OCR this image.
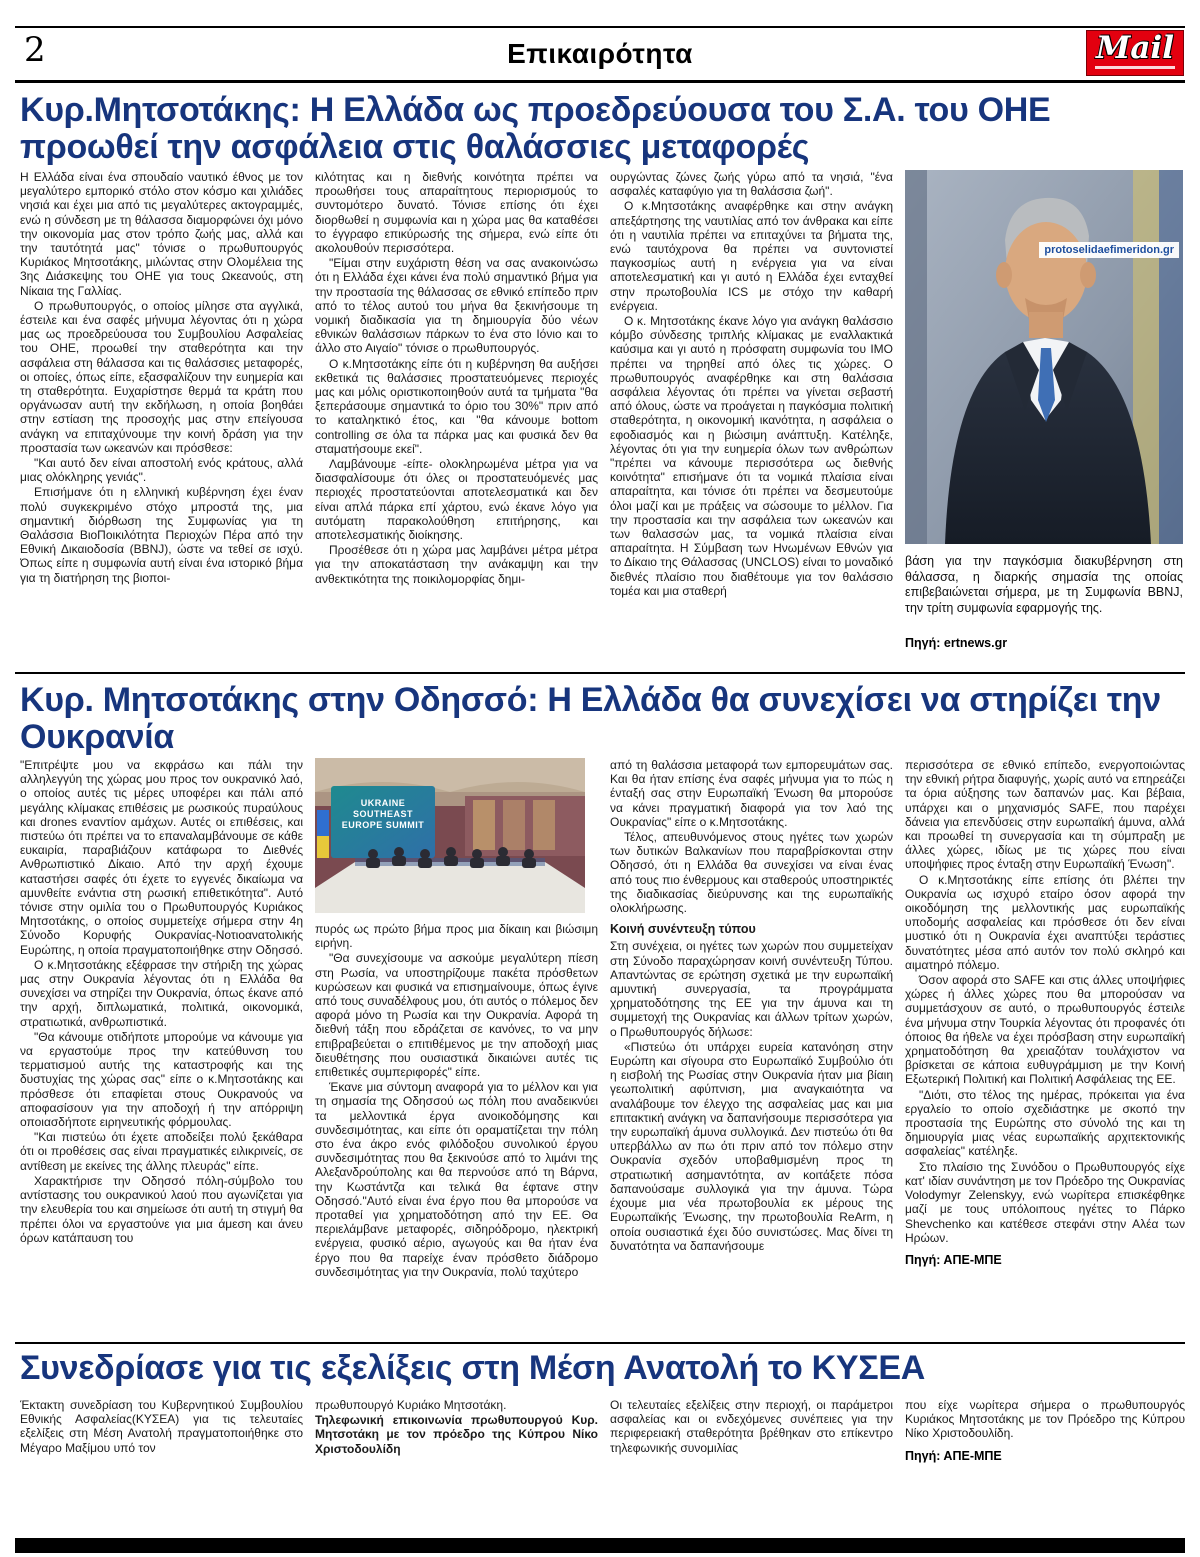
2	Επικαιρότητα	Mail
Κυρ.Μητσοτάκης: Η Ελλάδα ως προεδρεύουσα του Σ.Α. του ΟΗΕ προωθεί την ασφάλεια στις θαλάσσιες μεταφορές

Η Ελλάδα είναι ένα σπουδαίο ναυτικό έθνος με τον μεγαλύτερο εμπορικό στόλο στον κόσμο και χιλιάδες νησιά και έχει μια από τις μεγαλύτερες ακτογραμμές, ενώ η σύνδεση με τη θάλασσα διαμορφώνει όχι μόνο την οικονομία μας στον τρόπο ζωής μας, αλλά και την ταυτότητά μας" τόνισε ο πρωθυπουργός Κυριάκος Μητσοτάκης, μιλώντας στην Ολομέλεια της 3ης Διάσκεψης του ΟΗΕ για τους Ωκεανούς, στη Νίκαια της Γαλλίας.

Ο πρωθυπουργός, ο οποίος μίλησε στα αγγλικά, έστειλε και ένα σαφές μήνυμα λέγοντας ότι η χώρα μας ως προεδρεύουσα του Συμβουλίου Ασφαλείας του ΟΗΕ, προωθεί την σταθερότητα και την ασφάλεια στη θάλασσα και τις θαλάσσιες μεταφορές, οι οποίες, όπως είπε, εξασφαλίζουν την ευημερία και τη σταθερότητα. Ευχαρίστησε θερμά τα κράτη που οργάνωσαν αυτή την εκδήλωση, η οποία βοηθάει στην εστίαση της προσοχής μας στην επείγουσα ανάγκη να επιταχύνουμε την κοινή δράση για την προστασία των ωκεανών και πρόσθεσε:

"Και αυτό δεν είναι αποστολή ενός κράτους, αλλά μιας ολόκληρης γενιάς".

Επισήμανε ότι η ελληνική κυβέρνηση έχει έναν πολύ συγκεκριμένο στόχο μπροστά της, μια σημαντική διόρθωση της Συμφωνίας για τη Θαλάσσια ΒιοΠοικιλότητα Περιοχών Πέρα από την Εθνική Δικαιοδοσία (ΒΒΝJ), ώστε να τεθεί σε ισχύ. Όπως είπε η συμφωνία αυτή είναι ένα ιστορικό βήμα για τη διατήρηση της βιοποι-

κιλότητας και η διεθνής κοινότητα πρέπει να προωθήσει τους απαραίτητους περιορισμούς το συντομότερο δυνατό. Τόνισε επίσης ότι έχει διορθωθεί η συμφωνία και η χώρα μας θα καταθέσει το έγγραφο επικύρωσής της σήμερα, ενώ είπε ότι ακολουθούν περισσότερα.

"Είμαι στην ευχάριστη θέση να σας ανακοινώσω ότι η Ελλάδα έχει κάνει ένα πολύ σημαντικό βήμα για την προστασία της θάλασσας σε εθνικό επίπεδο πριν από το τέλος αυτού του μήνα θα ξεκινήσουμε τη νομική διαδικασία για τη δημιουργία δύο νέων εθνικών θαλάσσιων πάρκων το ένα στο Ιόνιο και το άλλο στο Αιγαίο" τόνισε ο πρωθυπουργός.

Ο κ.Μητσοτάκης είπε ότι η κυβέρνηση θα αυξήσει εκθετικά τις θαλάσσιες προστατευόμενες περιοχές μας και μόλις οριστικοποιηθούν αυτά τα τμήματα "θα ξεπεράσουμε σημαντικά το όριο του 30%" πριν από το καταληκτικό έτος, και "θα κάνουμε bottom controlling σε όλα τα πάρκα μας και φυσικά δεν θα σταματήσουμε εκεί".

Λαμβάνουμε -είπε- ολοκληρωμένα μέτρα για να διασφαλίσουμε ότι όλες οι προστατευόμενές μας περιοχές προστατεύονται αποτελεσματικά και δεν είναι απλά πάρκα επί χάρτου, ενώ έκανε λόγο για αυτόματη παρακολούθηση επιτήρησης, και αποτελεσματικής διοίκησης.

Προσέθεσε ότι η χώρα μας λαμβάνει μέτρα μέτρα για την αποκατάσταση την ανάκαμψη και την ανθεκτικότητα της ποικιλομορφίας δημι-

ουργώντας ζώνες ζωής γύρω από τα νησιά, "ένα ασφαλές καταφύγιο για τη θαλάσσια ζωή".

Ο κ.Μητσοτάκης αναφέρθηκε και στην ανάγκη απεξάρτησης της ναυτιλίας από τον άνθρακα και είπε ότι η ναυτιλία πρέπει να επιταχύνει τα βήματα της, ενώ ταυτόχρονα θα πρέπει να συντονιστεί παγκοσμίως αυτή η ενέργεια για να είναι αποτελεσματική και γι αυτό η Ελλάδα έχει ενταχθεί στην πρωτοβουλία ICS με στόχο την καθαρή ενέργεια.

Ο κ. Μητσοτάκης έκανε λόγο για ανάγκη θαλάσσιο κόμβο σύνδεσης τριπλής κλίμακας με εναλλακτικά καύσιμα και γι αυτό η πρόσφατη συμφωνία του ΙΜΟ πρέπει να τηρηθεί από όλες τις χώρες. Ο πρωθυπουργός αναφέρθηκε και στη θαλάσσια ασφάλεια λέγοντας ότι πρέπει να γίνεται σεβαστή από όλους, ώστε να προάγεται η παγκόσμια πολιτική σταθερότητα, η οικονομική ικανότητα, η ασφάλεια ο εφοδιασμός και η βιώσιμη ανάπτυξη. Κατέληξε, λέγοντας ότι για την ευημερία όλων των ανθρώπων "πρέπει να κάνουμε περισσότερα ως διεθνής κοινότητα" επισήμανε ότι τα νομικά πλαίσια είναι απαραίτητα, και τόνισε ότι πρέπει να δεσμευτούμε όλοι μαζί και με πράξεις να σώσουμε το μέλλον. Για την προστασία και την ασφάλεια των ωκεανών και των θαλασσών μας, τα νομικά πλαίσια είναι απαραίτητα. Η Σύμβαση των Ηνωμένων Εθνών για το Δίκαιο της Θάλασσας (UNCLOS) είναι το μοναδικό διεθνές πλαίσιο που διαθέτουμε για τον θαλάσσιο τομέα και μια σταθερή

protoselidaefimeridon.gr
βάση για την παγκόσμια διακυβέρνηση στη θάλασσα, η διαρκής σημασία της οποίας επιβεβαιώνεται σήμερα, με τη Συμφωνία BBNJ, την τρίτη συμφωνία εφαρμογής της.
Πηγή: ertnews.gr
Κυρ. Μητσοτάκης στην Οδησσό: Η Ελλάδα θα συνεχίσει να στηρίζει την Ουκρανία

"Επιτρέψτε μου να εκφράσω και πάλι την αλληλεγγύη της χώρας μου προς τον ουκρανικό λαό, ο οποίος αυτές τις μέρες υποφέρει και πάλι από μεγάλης κλίμακας επιθέσεις με ρωσικούς πυραύλους και drones εναντίον αμάχων. Αυτές οι επιθέσεις, και πιστεύω ότι πρέπει να το επαναλαμβάνουμε σε κάθε ευκαιρία, παραβιάζουν κατάφωρα το Διεθνές Ανθρωπιστικό Δίκαιο. Από την αρχή έχουμε καταστήσει σαφές ότι έχετε το εγγενές δικαίωμα να αμυνθείτε ενάντια στη ρωσική επιθετικότητα". Αυτό τόνισε στην ομιλία του ο Πρωθυπουργός Κυριάκος Μητσοτάκης, ο οποίος συμμετείχε σήμερα στην 4η Σύνοδο Κορυφής Ουκρανίας-Νοτιοανατολικής Ευρώπης, η οποία πραγματοποιήθηκε στην Οδησσό.

Ο κ.Μητσοτάκης εξέφρασε την στήριξη της χώρας μας στην Ουκρανία λέγοντας ότι η Ελλάδα θα συνεχίσει να στηρίζει την Ουκρανία, όπως έκανε από την αρχή, διπλωματικά, πολιτικά, οικονομικά, στρατιωτικά, ανθρωπιστικά.

"Θα κάνουμε οτιδήποτε μπορούμε να κάνουμε για να εργαστούμε προς την κατεύθυνση του τερματισμού αυτής της καταστροφής και της δυστυχίας της χώρας σας" είπε ο κ.Μητσοτάκης και πρόσθεσε ότι επαφίεται στους Ουκρανούς να αποφασίσουν για την αποδοχή ή την απόρριψη οποιασδήποτε ειρηνευτικής φόρμουλας.

"Και πιστεύω ότι έχετε αποδείξει πολύ ξεκάθαρα ότι οι προθέσεις σας είναι πραγματικές ειλικρινείς, σε αντίθεση με εκείνες της άλλης πλευράς" είπε.

Χαρακτήρισε την Οδησσό πόλη-σύμβολο του αντίστασης του ουκρανικού λαού που αγωνίζεται για την ελευθερία του και σημείωσε ότι αυτή τη στιγμή θα πρέπει όλοι να εργαστούνε για μια άμεση και άνευ όρων κατάπαυση του

UKRAINE SOUTHEAST EUROPE SUMMIT

πυρός ως πρώτο βήμα προς μια δίκαιη και βιώσιμη ειρήνη.

"Θα συνεχίσουμε να ασκούμε μεγαλύτερη πίεση στη Ρωσία, να υποστηρίζουμε πακέτα πρόσθετων κυρώσεων και φυσικά να επισημαίνουμε, όπως έγινε από τους συναδέλφους μου, ότι αυτός ο πόλεμος δεν αφορά μόνο τη Ρωσία και την Ουκρανία. Αφορά τη διεθνή τάξη που εδράζεται σε κανόνες, το να μην επιβραβεύεται ο επιτιθέμενος με την αποδοχή μιας διευθέτησης που ουσιαστικά δικαιώνει αυτές τις επιθετικές συμπεριφορές" είπε.

Έκανε μια σύντομη αναφορά για το μέλλον και για τη σημασία της Οδησσού ως πόλη που αναδεικνύει τα μελλοντικά έργα ανοικοδόμησης και συνδεσιμότητας, και είπε ότι οραματίζεται την πόλη στο ένα άκρο ενός φιλόδοξου συνολικού έργου συνδεσιμότητας που θα ξεκινούσε από το λιμάνι της Αλεξανδρούπολης και θα περνούσε από τη Βάρνα, την Κωστάντζα και τελικά θα έφτανε στην Οδησσό."Αυτό είναι ένα έργο που θα μπορούσε να προταθεί για χρηματοδότηση από την ΕΕ. Θα περιελάμβανε μεταφορές, σιδηρόδρομο, ηλεκτρική ενέργεια, φυσικό αέριο, αγωγούς και θα ήταν ένα έργο που θα παρείχε έναν πρόσθετο διάδρομο συνδεσιμότητας για την Ουκρανία, πολύ ταχύτερο

από τη θαλάσσια μεταφορά των εμπορευμάτων σας. Και θα ήταν επίσης ένα σαφές μήνυμα για το πώς η ένταξή σας στην Ευρωπαϊκή Ένωση θα μπορούσε να κάνει πραγματική διαφορά για τον λαό της Ουκρανίας" είπε ο κ.Μητσοτάκης.

Τέλος, απευθυνόμενος στους ηγέτες των χωρών των δυτικών Βαλκανίων που παραβρίσκονται στην Οδησσό, ότι η Ελλάδα θα συνεχίσει να είναι ένας από τους πιο ένθερμους και σταθερούς υποστηρικτές της διαδικασίας διεύρυνσης και της ευρωπαϊκής ολοκλήρωσης.

Κοινή συνέντευξη τύπου

Στη συνέχεια, οι ηγέτες των χωρών που συμμετείχαν στη Σύνοδο παραχώρησαν κοινή συνέντευξη Τύπου. Απαντώντας σε ερώτηση σχετικά με την ευρωπαϊκή αμυντική συνεργασία, τα προγράμματα χρηματοδότησης της ΕΕ για την άμυνα και τη συμμετοχή της Ουκρανίας και άλλων τρίτων χωρών, ο Πρωθυπουργός δήλωσε:

«Πιστεύω ότι υπάρχει ευρεία κατανόηση στην Ευρώπη και σίγουρα στο Ευρωπαϊκό Συμβούλιο ότι η εισβολή της Ρωσίας στην Ουκρανία ήταν μια βίαιη γεωπολιτική αφύπνιση, μια αναγκαιότητα να αναλάβουμε τον έλεγχο της ασφαλείας μας και μια επιτακτική ανάγκη να δαπανήσουμε περισσότερα για την ευρωπαϊκή άμυνα συλλογικά. Δεν πιστεύω ότι θα υπερβάλλω αν πω ότι πριν από τον πόλεμο στην Ουκρανία σχεδόν υποβαθμισμένη προς τη στρατιωτική ασημαντότητα, αν κοιτάξετε πόσα δαπανούσαμε συλλογικά για την άμυνα. Τώρα έχουμε μια νέα πρωτοβουλία εκ μέρους της Ευρωπαϊκής Ένωσης, την πρωτοβουλία ReArm, η οποία ουσιαστικά έχει δύο συνιστώσες. Μας δίνει τη δυνατότητα να δαπανήσουμε

περισσότερα σε εθνικό επίπεδο, ενεργοποιώντας την εθνική ρήτρα διαφυγής, χωρίς αυτό να επηρεάζει τα όρια αύξησης των δαπανών μας. Και βέβαια, υπάρχει και ο μηχανισμός SAFE, που παρέχει δάνεια για επενδύσεις στην ευρωπαϊκή άμυνα, αλλά και προωθεί τη συνεργασία και τη σύμπραξη με άλλες χώρες, ιδίως με τις χώρες που είναι υποψήφιες προς ένταξη στην Ευρωπαϊκή Ένωση".

Ο κ.Μητσοτάκης είπε επίσης ότι βλέπει την Ουκρανία ως ισχυρό εταίρο όσον αφορά την οικοδόμηση της μελλοντικής μας ευρωπαϊκής υποδομής ασφαλείας και πρόσθεσε ότι δεν είναι μυστικό ότι η Ουκρανία έχει αναπτύξει τεράστιες δυνατότητες μέσα από αυτόν τον πολύ σκληρό και αιματηρό πόλεμο.

Όσον αφορά στο SAFE και στις άλλες υποψήφιες χώρες ή άλλες χώρες που θα μπορούσαν να συμμετάσχουν σε αυτό, ο πρωθυπουργός έστειλε ένα μήνυμα στην Τουρκία λέγοντας ότι προφανές ότι όποιος θα ήθελε να έχει πρόσβαση στην ευρωπαϊκή χρηματοδότηση θα χρειαζόταν τουλάχιστον να βρίσκεται σε κάποια ευθυγράμμιση με την Κοινή Εξωτερική Πολιτική και Πολιτική Ασφάλειας της ΕΕ.

"Διότι, στο τέλος της ημέρας, πρόκειται για ένα εργαλείο το οποίο σχεδιάστηκε με σκοπό την προστασία της Ευρώπης στο σύνολό της και τη δημιουργία μιας νέας ευρωπαϊκής αρχιτεκτονικής ασφαλείας" κατέληξε.

Στο πλαίσιο της Συνόδου ο Πρωθυπουργός είχε κατ' ιδίαν συνάντηση με τον Πρόεδρο της Ουκρανίας Volodymyr Zelenskyy, ενώ νωρίτερα επισκέφθηκε μαζί με τους υπόλοιπους ηγέτες το Πάρκο Shevchenko και κατέθεσε στεφάνι στην Αλέα των Ηρώων.

Πηγή: ΑΠΕ-ΜΠΕ

Συνεδρίασε για τις εξελίξεις στη Μέση Ανατολή το ΚΥΣΕΑ

Έκτακτη συνεδρίαση του Κυβερνητικού Συμβουλίου Εθνικής Ασφαλείας(ΚΥΣΕΑ) για τις τελευταίες εξελίξεις στη Μέση Ανατολή πραγματοποιήθηκε στο Μέγαρο Μαξίμου υπό τον

πρωθυπουργό Κυριάκο Μητσοτάκη.

Τηλεφωνική επικοινωνία πρωθυπουργού Κυρ. Μητσοτάκη με τον πρόεδρο της Κύπρου Νίκο Χριστοδουλίδη

Οι τελευταίες εξελίξεις στην περιοχή, οι παράμετροι ασφαλείας και οι ενδεχόμενες συνέπειες για την περιφερειακή σταθερότητα βρέθηκαν στο επίκεντρο τηλεφωνικής συνομιλίας

που είχε νωρίτερα σήμερα ο πρωθυπουργός Κυριάκος Μητσοτάκης με τον Πρόεδρο της Κύπρου Νίκο Χριστοδουλίδη.

Πηγή: ΑΠΕ-ΜΠΕ
